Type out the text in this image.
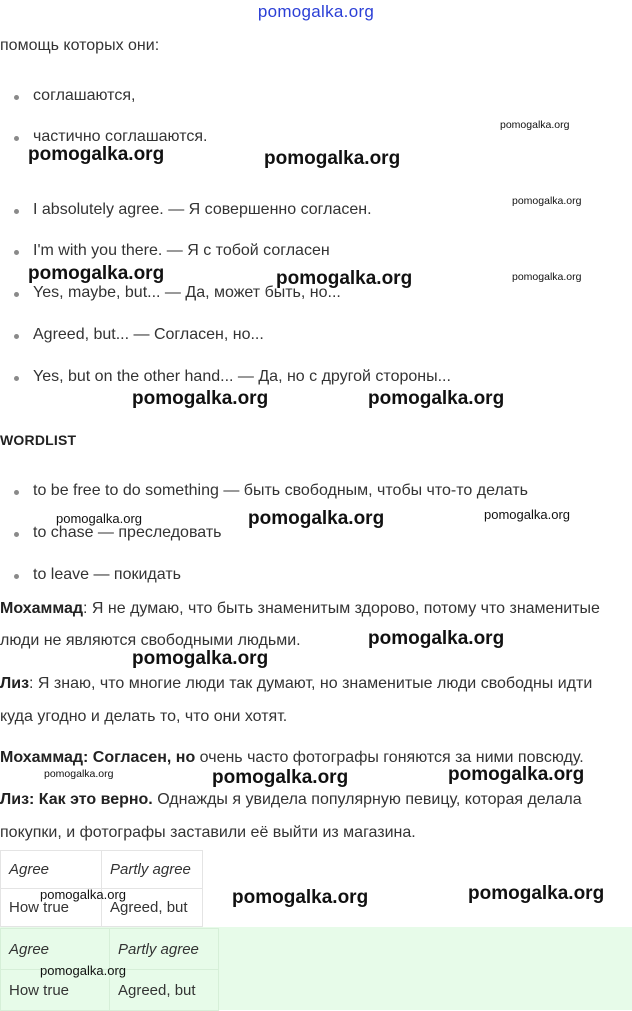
pomogalka.org
помощь которых они:
соглашаются,
частично соглашаются.
I absolutely agree. — Я совершенно согласен.
I'm with you there. — Я с тобой согласен
Yes, maybe, but... — Да, может быть, но...
Agreed, but... — Согласен, но...
Yes, but on the other hand... — Да, но с другой стороны...
WORDLIST
to be free to do something — быть свободным, чтобы что-то делать
to chase — преследовать
to leave — покидать
Мохаммад: Я не думаю, что быть знаменитым здорово, потому что знаменитые
люди не являются свободными людьми.
Лиз: Я знаю, что многие люди так думают, но знаменитые люди свободны идти
куда угодно и делать то, что они хотят.
Мохаммад: Согласен, но очень часто фотографы гоняются за ними повсюду.
Лиз: Как это верно. Однажды я увидела популярную певицу, которая делала
покупки, и фотографы заставили её выйти из магазина.
Agree	Partly agree
How true	Agreed, but
Agree	Partly agree
How true	Agreed, but
pomogalka.org
pomogalka.org	pomogalka.org
pomogalka.org
pomogalka.org	pomogalka.org	pomogalka.org
pomogalka.org	pomogalka.org
pomogalka.org	pomogalka.org	pomogalka.org
pomogalka.org
pomogalka.org
pomogalka.org	pomogalka.org	pomogalka.org
pomogalka.org	pomogalka.org	pomogalka.org
pomogalka.org
